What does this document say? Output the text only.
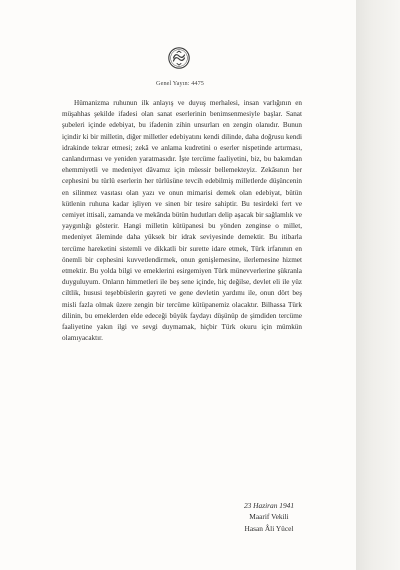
Genel Yayın: 4475

Hümanizma ruhunun ilk anlayış ve duyuş merhalesi, insan varlığının en müşahhas şekilde ifadesi olan sanat eserlerinin benimsenmesiyle başlar. Sanat şubeleri içinde edebiyat, bu ifadenin zihin unsurları en zengin olanıdır. Bunun içindir ki bir milletin, diğer milletler edebiyatını kendi dilinde, daha doğrusu kendi idrakinde tekrar etmesi; zekâ ve anlama kudretini o eserler nispetinde artırması, canlandırması ve yeniden yaratmasıdır. İşte tercüme faaliyetini, biz, bu bakımdan ehemmiyetli ve medeniyet dâvamız için müessir bellemekteyiz. Zekâsının her cephesini bu türlü eserlerin her türlüsüne tevcih edebilmiş milletlerde düşüncenin en silinmez vasıtası olan yazı ve onun mimarisi demek olan edebiyat, bütün kütlenin ruhuna kadar işliyen ve sinen bir tesire sahiptir. Bu tesirdeki fert ve cemiyet ittisali, zamanda ve mekânda bütün hudutları delip aşacak bir sağlamlık ve yaygınlığı gösterir. Hangi milletin kütüpanesi bu yönden zenginse o millet, medeniyet âleminde daha yüksek bir idrak seviyesinde demektir. Bu itibarla tercüme hareketini sistemli ve dikkatli bir surette idare etmek, Türk irfanının en önemli bir cephesini kuvvetlendirmek, onun genişlemesine, ilerlemesine hizmet etmektir. Bu yolda bilgi ve emeklerini esirgemiyen Türk münevverlerine şükranla duyguluyum. Onların himmetleri ile beş sene içinde, hiç değilse, devlet eli ile yüz ciltlik, hususi teşebbüslerin gayreti ve gene devletin yardımı ile, onun dört beş misli fazla olmak üzere zengin bir tercüme kütüpanemiz olacaktır. Bilhassa Türk dilinin, bu emeklerden elde edeceği büyük faydayı düşünüp de şimdiden tercüme faaliyetine yakın ilgi ve sevgi duymamak, hiçbir Türk okuru için mümkün olamıyacaktır.

23 Haziran 1941
Maarif Vekili
Hasan Âli Yücel
